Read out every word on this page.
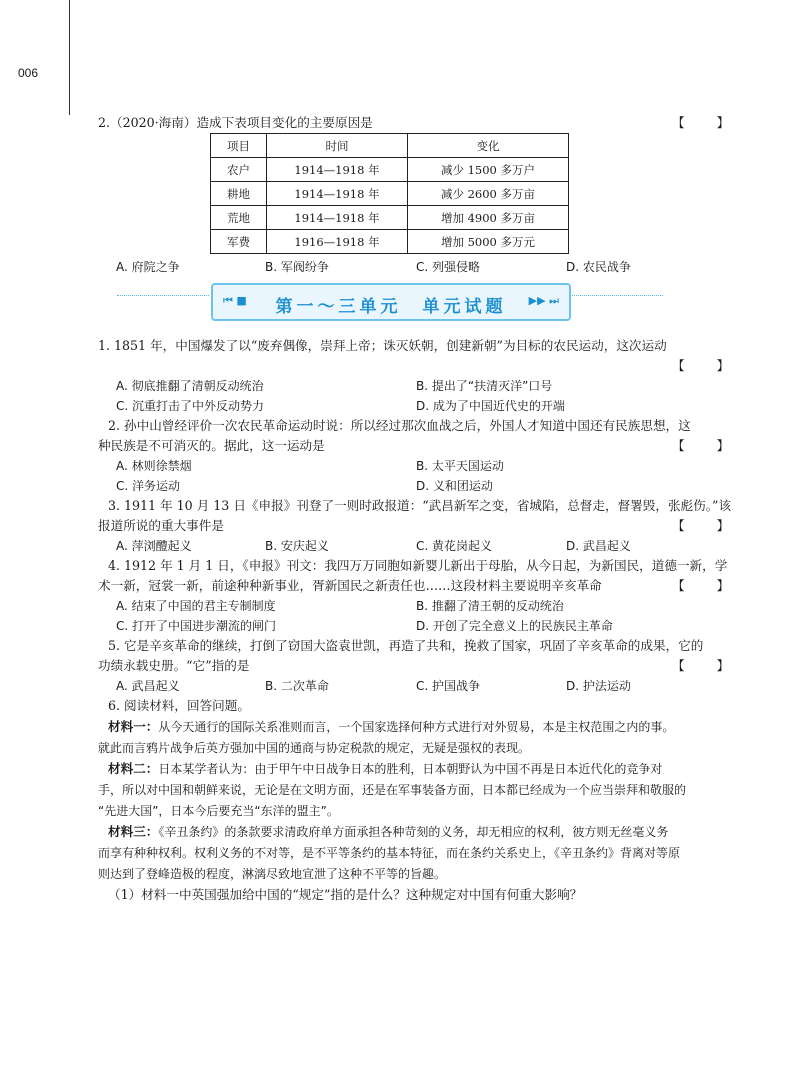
006
2.（2020·海南）造成下表项目变化的主要原因是	【 】
项目	时间	变化
农户	1914—1918 年	减少 1500 多万户
耕地	1914—1918 年	减少 2600 多万亩
荒地	1914—1918 年	增加 4900 多万亩
军费	1916—1918 年	增加 5000 多万元
A. 府院之争	B. 军阀纷争	C. 列强侵略	D. 农民战争
⏮ ■	第一～三单元　单元试题	▶▶ ⏭
1. 1851 年，中国爆发了以“废弃偶像，崇拜上帝；诛灭妖朝，创建新朝”为目标的农民运动，这次运动
【 】
A. 彻底推翻了清朝反动统治	B. 提出了“扶清灭洋”口号
C. 沉重打击了中外反动势力	D. 成为了中国近代史的开端
2. 孙中山曾经评价一次农民革命运动时说：所以经过那次血战之后，外国人才知道中国还有民族思想，这
种民族是不可消灭的。据此，这一运动是	【 】
A. 林则徐禁烟	B. 太平天国运动
C. 洋务运动	D. 义和团运动
3. 1911 年 10 月 13 日《申报》刊登了一则时政报道：“武昌新军之变，省城陷，总督走，督署毁，张彪伤。”该
报道所说的重大事件是	【 】
A. 萍浏醴起义	B. 安庆起义	C. 黄花岗起义	D. 武昌起义
4. 1912 年 1 月 1 日，《申报》刊文：我四万万同胞如新婴儿新出于母胎，从今日起，为新国民，道德一新，学
术一新，冠裳一新，前途种种新事业，胥新国民之新责任也……这段材料主要说明辛亥革命	【 】
A. 结束了中国的君主专制制度	B. 推翻了清王朝的反动统治
C. 打开了中国进步潮流的闸门	D. 开创了完全意义上的民族民主革命
5. 它是辛亥革命的继续，打倒了窃国大盗袁世凯，再造了共和，挽救了国家，巩固了辛亥革命的成果，它的
功绩永载史册。“它”指的是	【 】
A. 武昌起义	B. 二次革命	C. 护国战争	D. 护法运动
6. 阅读材料，回答问题。
材料一：从今天通行的国际关系准则而言，一个国家选择何种方式进行对外贸易，本是主权范围之内的事。
就此而言鸦片战争后英方强加中国的通商与协定税款的规定，无疑是强权的表现。
材料二：日本某学者认为：由于甲午中日战争日本的胜利，日本朝野认为中国不再是日本近代化的竞争对
手，所以对中国和朝鲜来说，无论是在文明方面，还是在军事装备方面，日本都已经成为一个应当崇拜和敬服的
“先进大国”，日本今后要充当“东洋的盟主”。
材料三：《辛丑条约》的条款要求清政府单方面承担各种苛刻的义务，却无相应的权利，彼方则无丝毫义务
而享有种种权利。权利义务的不对等，是不平等条约的基本特征，而在条约关系史上，《辛丑条约》背离对等原
则达到了登峰造极的程度，淋漓尽致地宣泄了这种不平等的旨趣。
（1）材料一中英国强加给中国的“规定”指的是什么？这种规定对中国有何重大影响？
